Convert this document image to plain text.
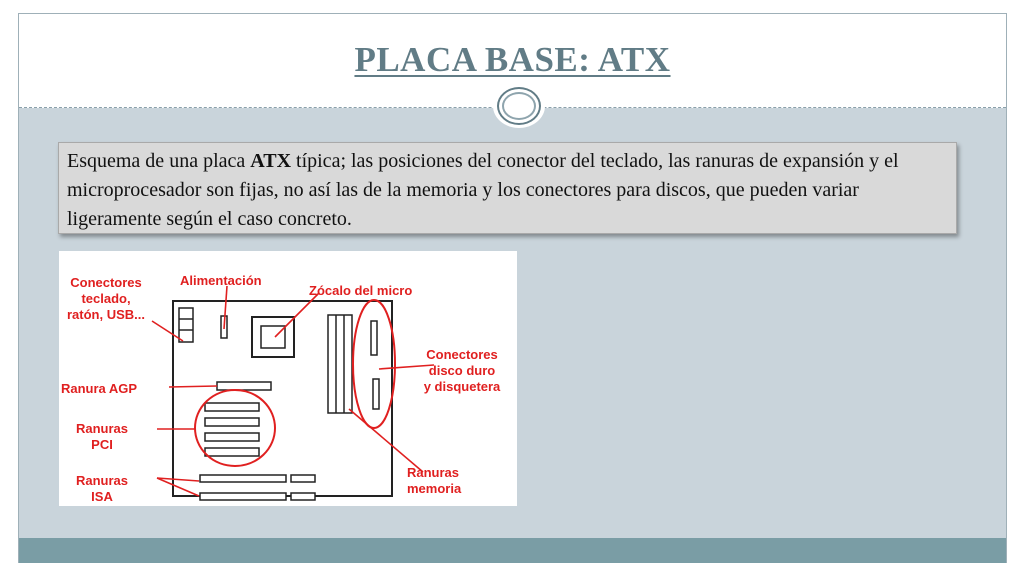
PLACA BASE: ATX
Esquema de una placa ATX típica; las posiciones del conector del teclado, las ranuras de expansión y el microprocesador son fijas, no así las de la memoria y los conectores para discos, que pueden variar ligeramente según el caso concreto.
Conectores
teclado,
ratón, USB...
Alimentación
Zócalo del micro
Conectores
disco duro
y disquetera
Ranura AGP
Ranuras
PCI
Ranuras
ISA
Ranuras
memoria
